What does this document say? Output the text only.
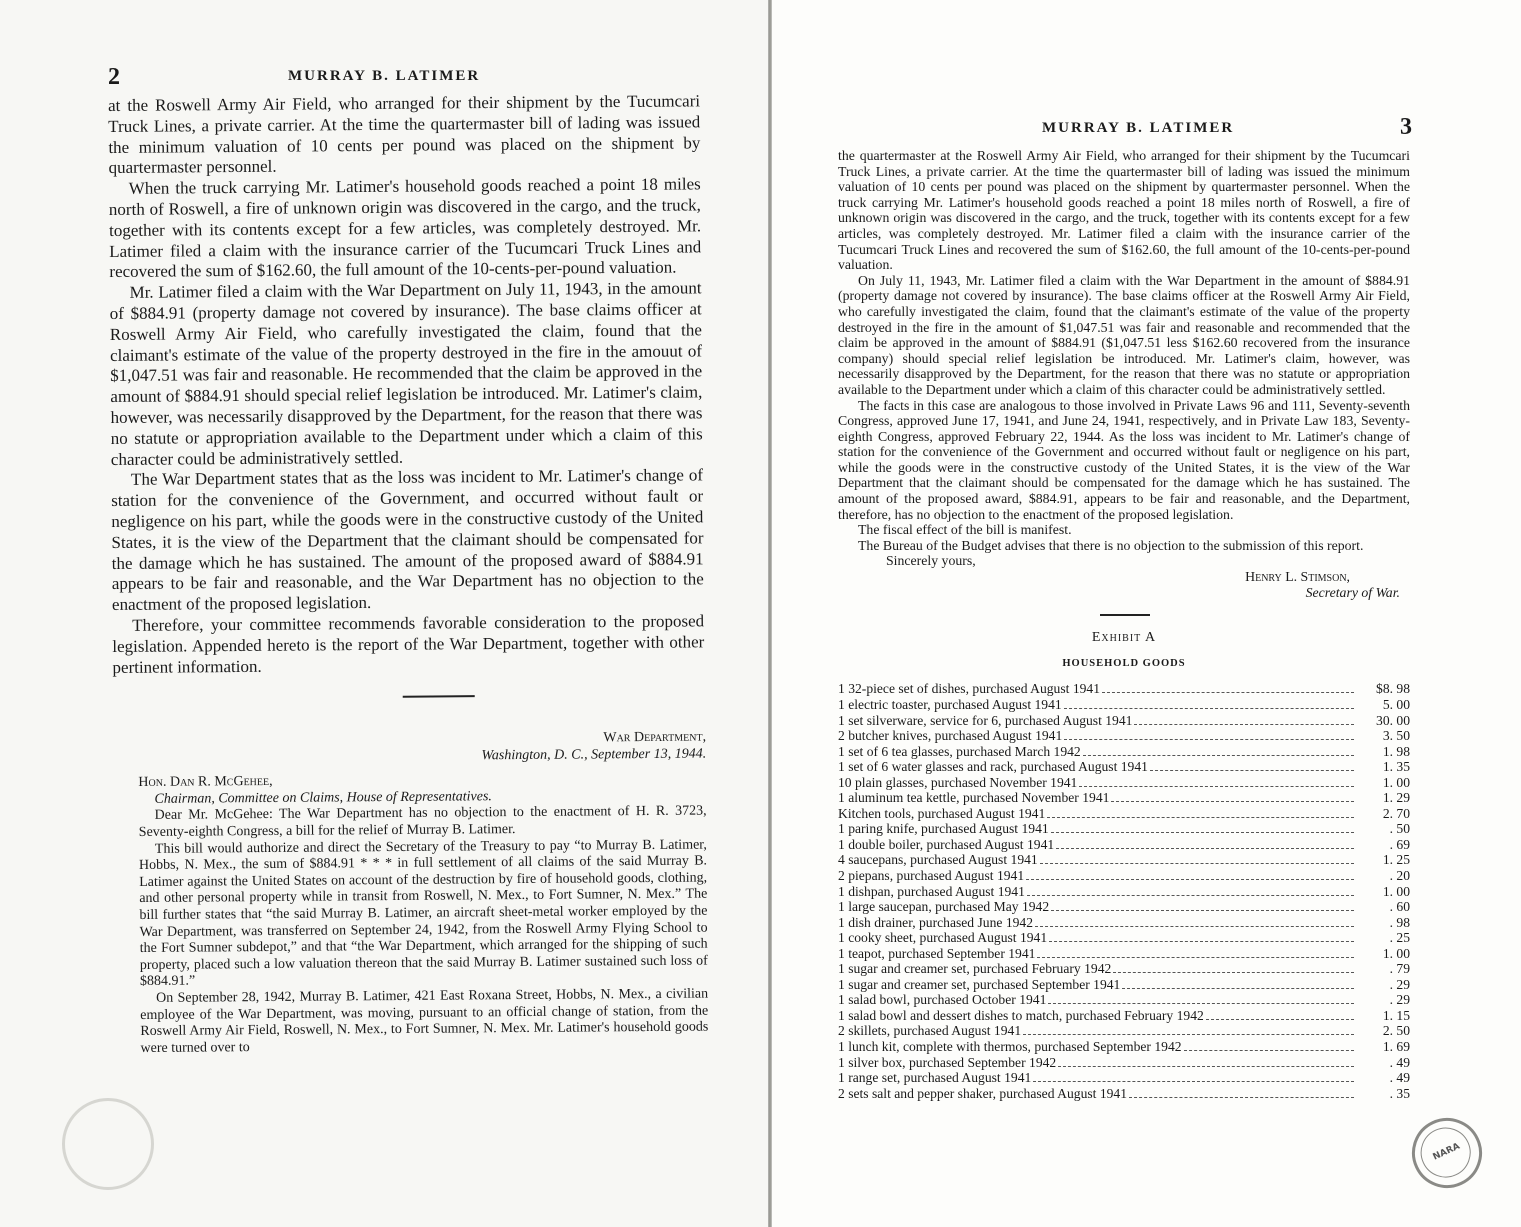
2	MURRAY B. LATIMER

at the Roswell Army Air Field, who arranged for their shipment by the Tucumcari Truck Lines, a private carrier. At the time the quartermaster bill of lading was issued the minimum valuation of 10 cents per pound was placed on the shipment by quartermaster personnel.

When the truck carrying Mr. Latimer's household goods reached a point 18 miles north of Roswell, a fire of unknown origin was discovered in the cargo, and the truck, together with its contents except for a few articles, was completely destroyed. Mr. Latimer filed a claim with the insurance carrier of the Tucumcari Truck Lines and recovered the sum of $162.60, the full amount of the 10-cents-per-pound valuation.

Mr. Latimer filed a claim with the War Department on July 11, 1943, in the amount of $884.91 (property damage not covered by insurance). The base claims officer at Roswell Army Air Field, who carefully investigated the claim, found that the claimant's estimate of the value of the property destroyed in the fire in the amouut of $1,047.51 was fair and reasonable. He recommended that the claim be approved in the amount of $884.91 should special relief legislation be introduced. Mr. Latimer's claim, however, was necessarily disapproved by the Department, for the reason that there was no statute or appropriation available to the Department under which a claim of this character could be administratively settled.

The War Department states that as the loss was incident to Mr. Latimer's change of station for the convenience of the Government, and occurred without fault or negligence on his part, while the goods were in the constructive custody of the United States, it is the view of the Department that the claimant should be compensated for the damage which he has sustained. The amount of the proposed award of $884.91 appears to be fair and reasonable, and the War Department has no objection to the enactment of the proposed legislation.

Therefore, your committee recommends favorable consideration to the proposed legislation. Appended hereto is the report of the War Department, together with other pertinent information.

War Department,
Washington, D. C., September 13, 1944.
Hon. Dan R. McGehee,
Chairman, Committee on Claims, House of Representatives.

Dear Mr. McGehee: The War Department has no objection to the enactment of H. R. 3723, Seventy-eighth Congress, a bill for the relief of Murray B. Latimer.

This bill would authorize and direct the Secretary of the Treasury to pay “to Murray B. Latimer, Hobbs, N. Mex., the sum of $884.91 * * * in full settlement of all claims of the said Murray B. Latimer against the United States on account of the destruction by fire of household goods, clothing, and other personal property while in transit from Roswell, N. Mex., to Fort Sumner, N. Mex.” The bill further states that “the said Murray B. Latimer, an aircraft sheet-metal worker employed by the War Department, was transferred on September 24, 1942, from the Roswell Army Flying School to the Fort Sumner subdepot,” and that “the War Department, which arranged for the shipping of such property, placed such a low valuation thereon that the said Murray B. Latimer sustained such loss of $884.91.”

On September 28, 1942, Murray B. Latimer, 421 East Roxana Street, Hobbs, N. Mex., a civilian employee of the War Department, was moving, pursuant to an official change of station, from the Roswell Army Air Field, Roswell, N. Mex., to Fort Sumner, N. Mex. Mr. Latimer's household goods were turned over to

MURRAY B. LATIMER	3

the quartermaster at the Roswell Army Air Field, who arranged for their shipment by the Tucumcari Truck Lines, a private carrier. At the time the quartermaster bill of lading was issued the minimum valuation of 10 cents per pound was placed on the shipment by quartermaster personnel. When the truck carrying Mr. Latimer's household goods reached a point 18 miles north of Roswell, a fire of unknown origin was discovered in the cargo, and the truck, together with its contents except for a few articles, was completely destroyed. Mr. Latimer filed a claim with the insurance carrier of the Tucumcari Truck Lines and recovered the sum of $162.60, the full amount of the 10-cents-per-pound valuation.

On July 11, 1943, Mr. Latimer filed a claim with the War Department in the amount of $884.91 (property damage not covered by insurance). The base claims officer at the Roswell Army Air Field, who carefully investigated the claim, found that the claimant's estimate of the value of the property destroyed in the fire in the amount of $1,047.51 was fair and reasonable and recommended that the claim be approved in the amount of $884.91 ($1,047.51 less $162.60 recovered from the insurance company) should special relief legislation be introduced. Mr. Latimer's claim, however, was necessarily disapproved by the Department, for the reason that there was no statute or appropriation available to the Department under which a claim of this character could be administratively settled.

The facts in this case are analogous to those involved in Private Laws 96 and 111, Seventy-seventh Congress, approved June 17, 1941, and June 24, 1941, respectively, and in Private Law 183, Seventy-eighth Congress, approved February 22, 1944. As the loss was incident to Mr. Latimer's change of station for the convenience of the Government and occurred without fault or negligence on his part, while the goods were in the constructive custody of the United States, it is the view of the War Department that the claimant should be compensated for the damage which he has sustained. The amount of the proposed award, $884.91, appears to be fair and reasonable, and the Department, therefore, has no objection to the enactment of the proposed legislation.

The fiscal effect of the bill is manifest.

The Bureau of the Budget advises that there is no objection to the submission of this report.

Sincerely yours,
Henry L. Stimson,
Secretary of War.
Exhibit A
HOUSEHOLD GOODS
1 32-piece set of dishes, purchased August 1941	$8. 98
1 electric toaster, purchased August 1941	5. 00
1 set silverware, service for 6, purchased August 1941	30. 00
2 butcher knives, purchased August 1941	3. 50
1 set of 6 tea glasses, purchased March 1942	1. 98
1 set of 6 water glasses and rack, purchased August 1941	1. 35
10 plain glasses, purchased November 1941	1. 00
1 aluminum tea kettle, purchased November 1941	1. 29
Kitchen tools, purchased August 1941	2. 70
1 paring knife, purchased August 1941	. 50
1 double boiler, purchased August 1941	. 69
4 saucepans, purchased August 1941	1. 25
2 piepans, purchased August 1941	. 20
1 dishpan, purchased August 1941	1. 00
1 large saucepan, purchased May 1942	. 60
1 dish drainer, purchased June 1942	. 98
1 cooky sheet, purchased August 1941	. 25
1 teapot, purchased September 1941	1. 00
1 sugar and creamer set, purchased February 1942	. 79
1 sugar and creamer set, purchased September 1941	. 29
1 salad bowl, purchased October 1941	. 29
1 salad bowl and dessert dishes to match, purchased February 1942	1. 15
2 skillets, purchased August 1941	2. 50
1 lunch kit, complete with thermos, purchased September 1942	1. 69
1 silver box, purchased September 1942	. 49
1 range set, purchased August 1941	. 49
2 sets salt and pepper shaker, purchased August 1941	. 35
NARA
